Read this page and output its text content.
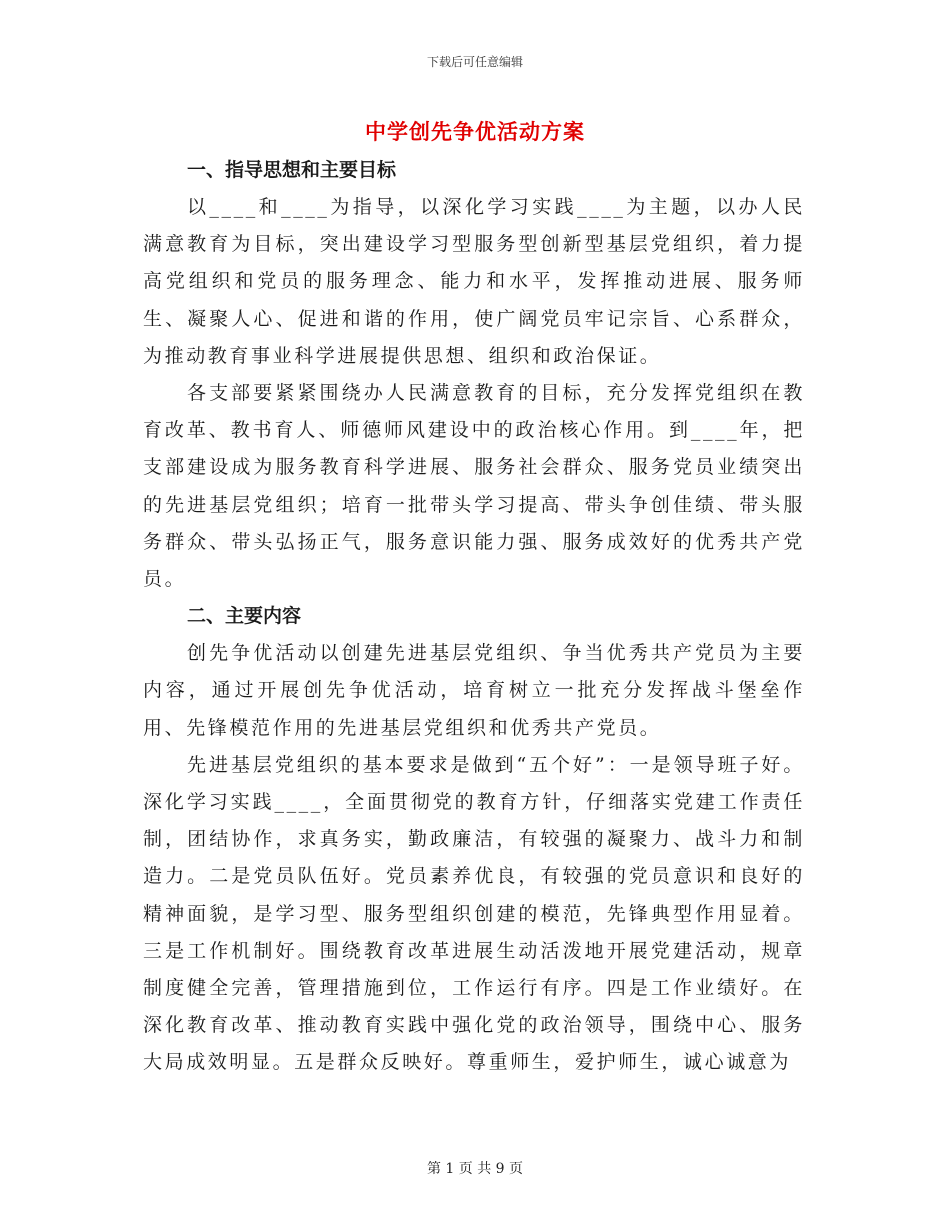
下载后可任意编辑
中学创先争优活动方案
一、指导思想和主要目标

以____和____为指导，以深化学习实践____为主题，以办人民满意教育为目标，突出建设学习型服务型创新型基层党组织，着力提高党组织和党员的服务理念、能力和水平，发挥推动进展、服务师生、凝聚人心、促进和谐的作用，使广阔党员牢记宗旨、心系群众，为推动教育事业科学进展提供思想、组织和政治保证。

各支部要紧紧围绕办人民满意教育的目标，充分发挥党组织在教育改革、教书育人、师德师风建设中的政治核心作用。到____年，把支部建设成为服务教育科学进展、服务社会群众、服务党员业绩突出的先进基层党组织；培育一批带头学习提高、带头争创佳绩、带头服务群众、带头弘扬正气，服务意识能力强、服务成效好的优秀共产党员。

二、主要内容

创先争优活动以创建先进基层党组织、争当优秀共产党员为主要内容，通过开展创先争优活动，培育树立一批充分发挥战斗堡垒作用、先锋模范作用的先进基层党组织和优秀共产党员。

先进基层党组织的基本要求是做到“五个好”：一是领导班子好。深化学习实践____，全面贯彻党的教育方针，仔细落实党建工作责任制，团结协作，求真务实，勤政廉洁，有较强的凝聚力、战斗力和制造力。二是党员队伍好。党员素养优良，有较强的党员意识和良好的精神面貌，是学习型、服务型组织创建的模范，先锋典型作用显着。三是工作机制好。围绕教育改革进展生动活泼地开展党建活动，规章制度健全完善，管理措施到位，工作运行有序。四是工作业绩好。在深化教育改革、推动教育实践中强化党的政治领导，围绕中心、服务大局成效明显。五是群众反映好。尊重师生，爱护师生，诚心诚意为

第 1 页 共 9 页
